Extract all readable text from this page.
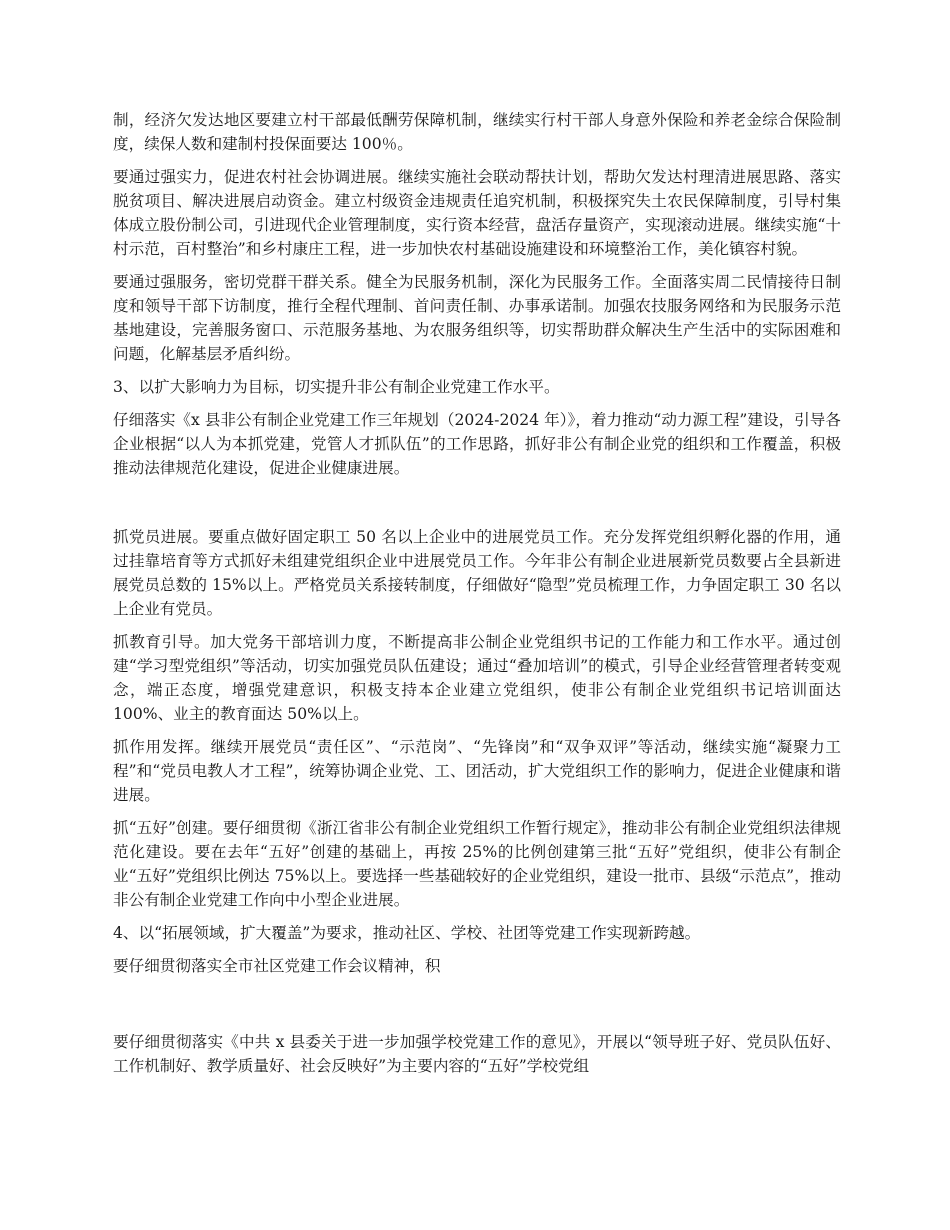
制，经济欠发达地区要建立村干部最低酬劳保障机制，继续实行村干部人身意外保险和养老金综合保险制度，续保人数和建制村投保面要达 100％。

要通过强实力，促进农村社会协调进展。继续实施社会联动帮扶计划，帮助欠发达村理清进展思路、落实脱贫项目、解决进展启动资金。建立村级资金违规责任追究机制，积极探究失土农民保障制度，引导村集体成立股份制公司，引进现代企业管理制度，实行资本经营，盘活存量资产，实现滚动进展。继续实施“十村示范，百村整治”和乡村康庄工程，进一步加快农村基础设施建设和环境整治工作，美化镇容村貌。

要通过强服务，密切党群干群关系。健全为民服务机制，深化为民服务工作。全面落实周二民情接待日制度和领导干部下访制度，推行全程代理制、首问责任制、办事承诺制。加强农技服务网络和为民服务示范基地建设，完善服务窗口、示范服务基地、为农服务组织等，切实帮助群众解决生产生活中的实际困难和问题，化解基层矛盾纠纷。

3、以扩大影响力为目标，切实提升非公有制企业党建工作水平。

仔细落实《x 县非公有制企业党建工作三年规划（2024-2024 年）》，着力推动“动力源工程”建设，引导各企业根据“以人为本抓党建，党管人才抓队伍”的工作思路，抓好非公有制企业党的组织和工作覆盖，积极推动法律规范化建设，促进企业健康进展。

抓党员进展。要重点做好固定职工 50 名以上企业中的进展党员工作。充分发挥党组织孵化器的作用，通过挂靠培育等方式抓好未组建党组织企业中进展党员工作。今年非公有制企业进展新党员数要占全县新进展党员总数的 15%以上。严格党员关系接转制度，仔细做好“隐型”党员梳理工作，力争固定职工 30 名以上企业有党员。

抓教育引导。加大党务干部培训力度，不断提高非公制企业党组织书记的工作能力和工作水平。通过创建“学习型党组织”等活动，切实加强党员队伍建设；通过“叠加培训”的模式，引导企业经营管理者转变观念，端正态度，增强党建意识，积极支持本企业建立党组织，使非公有制企业党组织书记培训面达 100%、业主的教育面达 50%以上。

抓作用发挥。继续开展党员“责任区”、“示范岗”、“先锋岗”和“双争双评”等活动，继续实施“凝聚力工程”和“党员电教人才工程”，统筹协调企业党、工、团活动，扩大党组织工作的影响力，促进企业健康和谐进展。

抓“五好”创建。要仔细贯彻《浙江省非公有制企业党组织工作暂行规定》，推动非公有制企业党组织法律规范化建设。要在去年“五好”创建的基础上，再按 25%的比例创建第三批“五好”党组织，使非公有制企业“五好”党组织比例达 75%以上。要选择一些基础较好的企业党组织，建设一批市、县级“示范点”，推动非公有制企业党建工作向中小型企业进展。

4、以“拓展领域，扩大覆盖”为要求，推动社区、学校、社团等党建工作实现新跨越。

要仔细贯彻落实全市社区党建工作会议精神，积

要仔细贯彻落实《中共 x 县委关于进一步加强学校党建工作的意见》，开展以“领导班子好、党员队伍好、工作机制好、教学质量好、社会反映好”为主要内容的“五好”学校党组
